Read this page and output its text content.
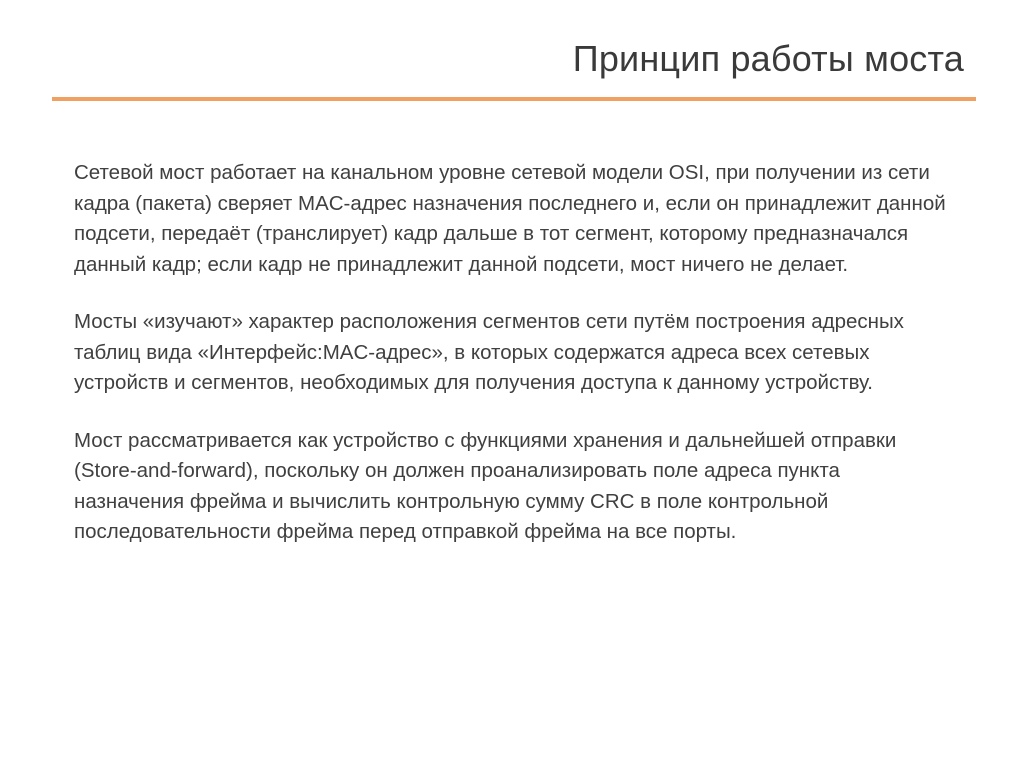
Принцип работы моста

Сетевой мост работает на канальном уровне сетевой модели OSI, при получении из сети кадра (пакета) сверяет MAC-адрес назначения последнего и, если он принадлежит данной подсети, передаёт (транслирует) кадр дальше в тот сегмент, которому предназначался данный кадр; если кадр не принадлежит данной подсети, мост ничего не делает.

Мосты «изучают» характер расположения сегментов сети путём построения адресных таблиц вида «Интерфейс:MAC-адрес», в которых содержатся адреса всех сетевых устройств и сегментов, необходимых для получения доступа к данному устройству.

Мост рассматривается как устройство с функциями хранения и дальнейшей отправки (Store-and-forward), поскольку он должен проанализировать поле адреса пункта назначения фрейма и вычислить контрольную сумму CRC в поле контрольной последовательности фрейма перед отправкой фрейма на все порты.
